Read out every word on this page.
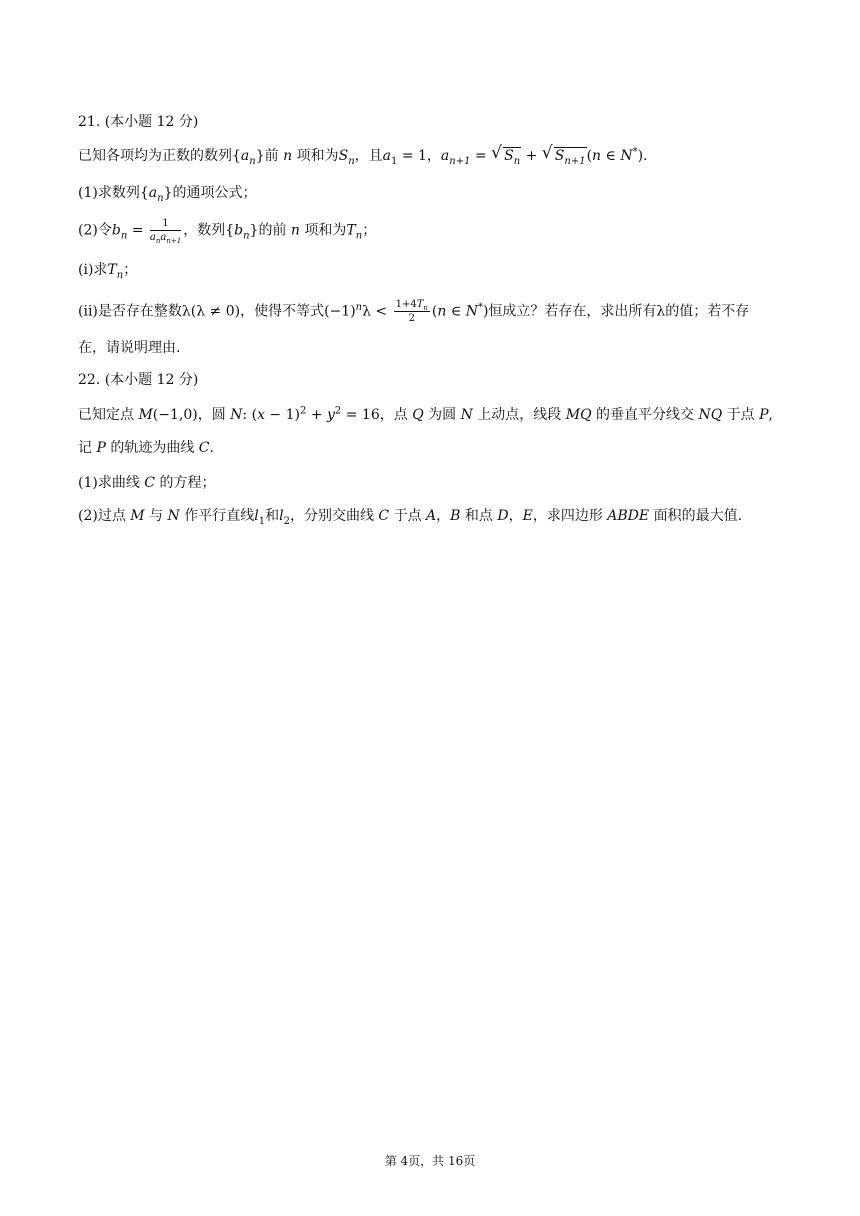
21. (本小题 12 分)
已知各项均为正数的数列$\{a_n\}$前 n 项和为$S_n$，且$a_1 = 1$，$a_{n+1}$ = √ $S_n$ + √ $S_{n+1}(n$ ∈ N*).
(1)求数列$\{a_n\}$的通项公式；
(2)令$b_n = \frac{1}{a_na_{n+1}}$ ，数列$\{b_n\}$的前 n 项和为$T_n$；
(ⅰ)求$T_n$；
(ⅱ)是否存在整数λ(λ ≠ 0)，使得不等式$(-1)^n\lambda < \frac{1+4T_n}{2} (n$ ∈ N*)恒成立？若存在，求出所有λ的值；若不存
在，请说明理由.
22. (本小题 12 分)
已知定点 M(−1,0)，圆 N: $(x - 1)^2 + y^2 = 16$，点 Q 为圆 N 上动点，线段 MQ 的垂直平分线交 NQ 于点 P,
记 P 的轨迹为曲线 C.
(1)求曲线 C 的方程；
(2)过点 M 与 N 作平行直线$l_1$和$l_2$，分别交曲线 C 于点 A，B 和点 D，E，求四边形 ABDE 面积的最大值.
第 4页，共 16页
